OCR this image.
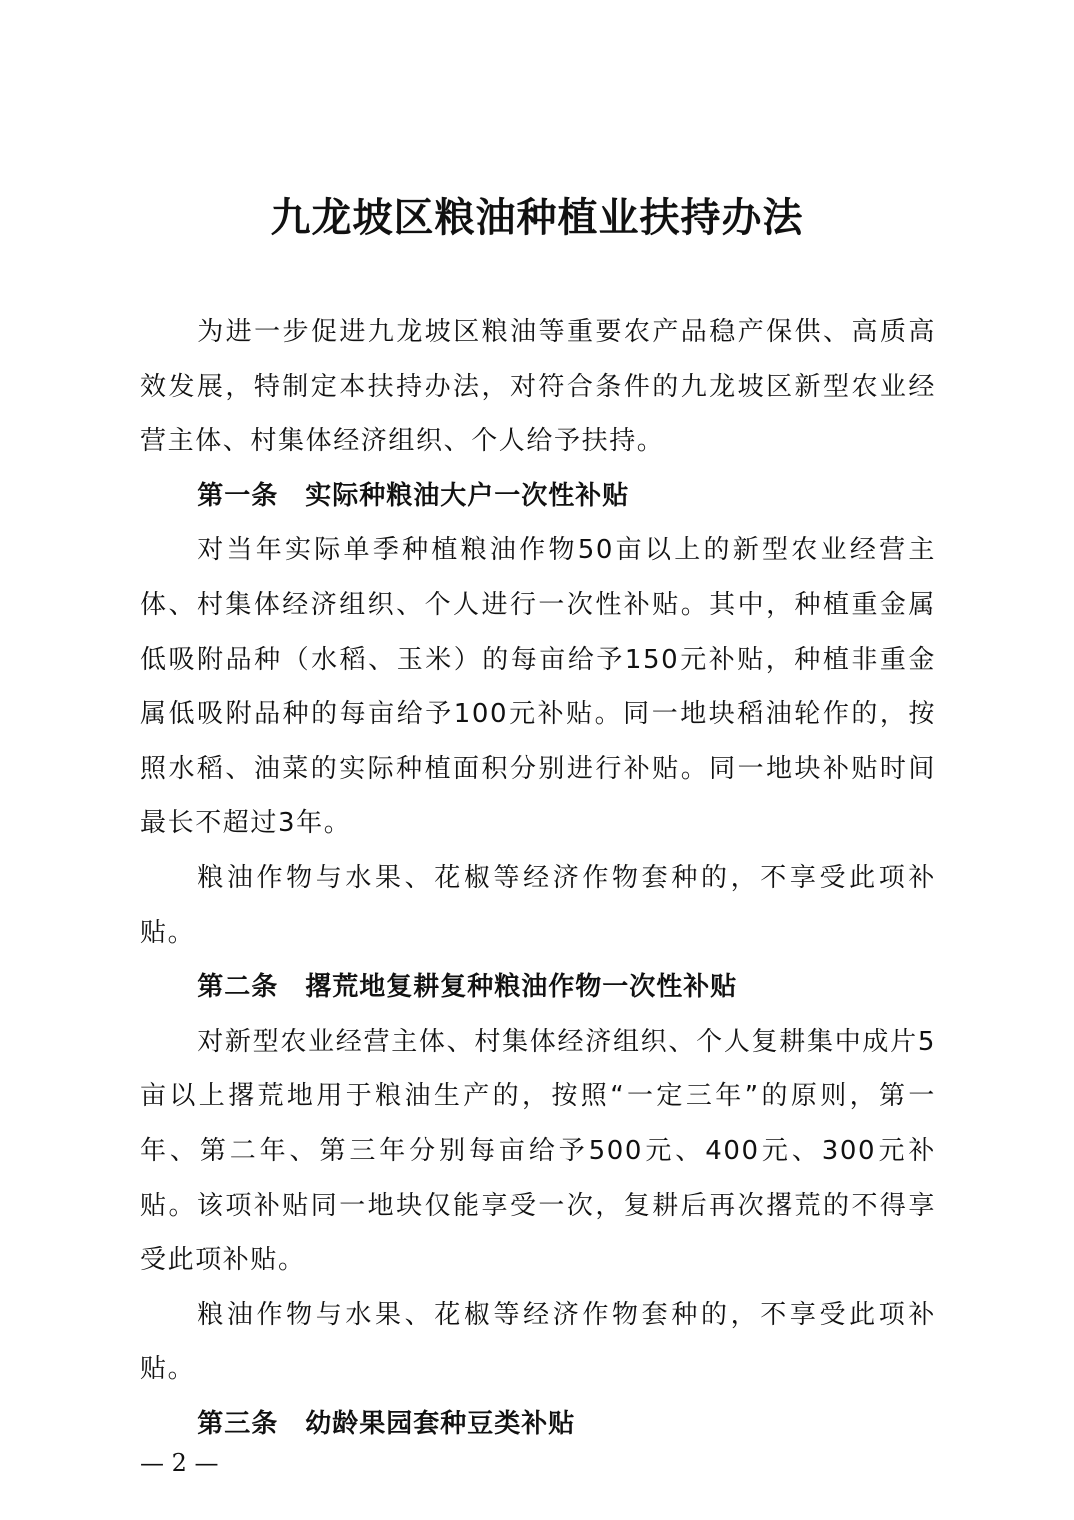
九龙坡区粮油种植业扶持办法

为进一步促进九龙坡区粮油等重要农产品稳产保供、高质高效发展，特制定本扶持办法，对符合条件的九龙坡区新型农业经营主体、村集体经济组织、个人给予扶持。

第一条　实际种粮油大户一次性补贴

对当年实际单季种植粮油作物50亩以上的新型农业经营主体、村集体经济组织、个人进行一次性补贴。其中，种植重金属低吸附品种（水稻、玉米）的每亩给予150元补贴，种植非重金属低吸附品种的每亩给予100元补贴。同一地块稻油轮作的，按照水稻、油菜的实际种植面积分别进行补贴。同一地块补贴时间最长不超过3年。

粮油作物与水果、花椒等经济作物套种的，不享受此项补贴。

第二条　撂荒地复耕复种粮油作物一次性补贴

对新型农业经营主体、村集体经济组织、个人复耕集中成片5亩以上撂荒地用于粮油生产的，按照“一定三年”的原则，第一年、第二年、第三年分别每亩给予500元、400元、300元补贴。该项补贴同一地块仅能享受一次，复耕后再次撂荒的不得享受此项补贴。

粮油作物与水果、花椒等经济作物套种的，不享受此项补贴。

第三条　幼龄果园套种豆类补贴

— 2 —
